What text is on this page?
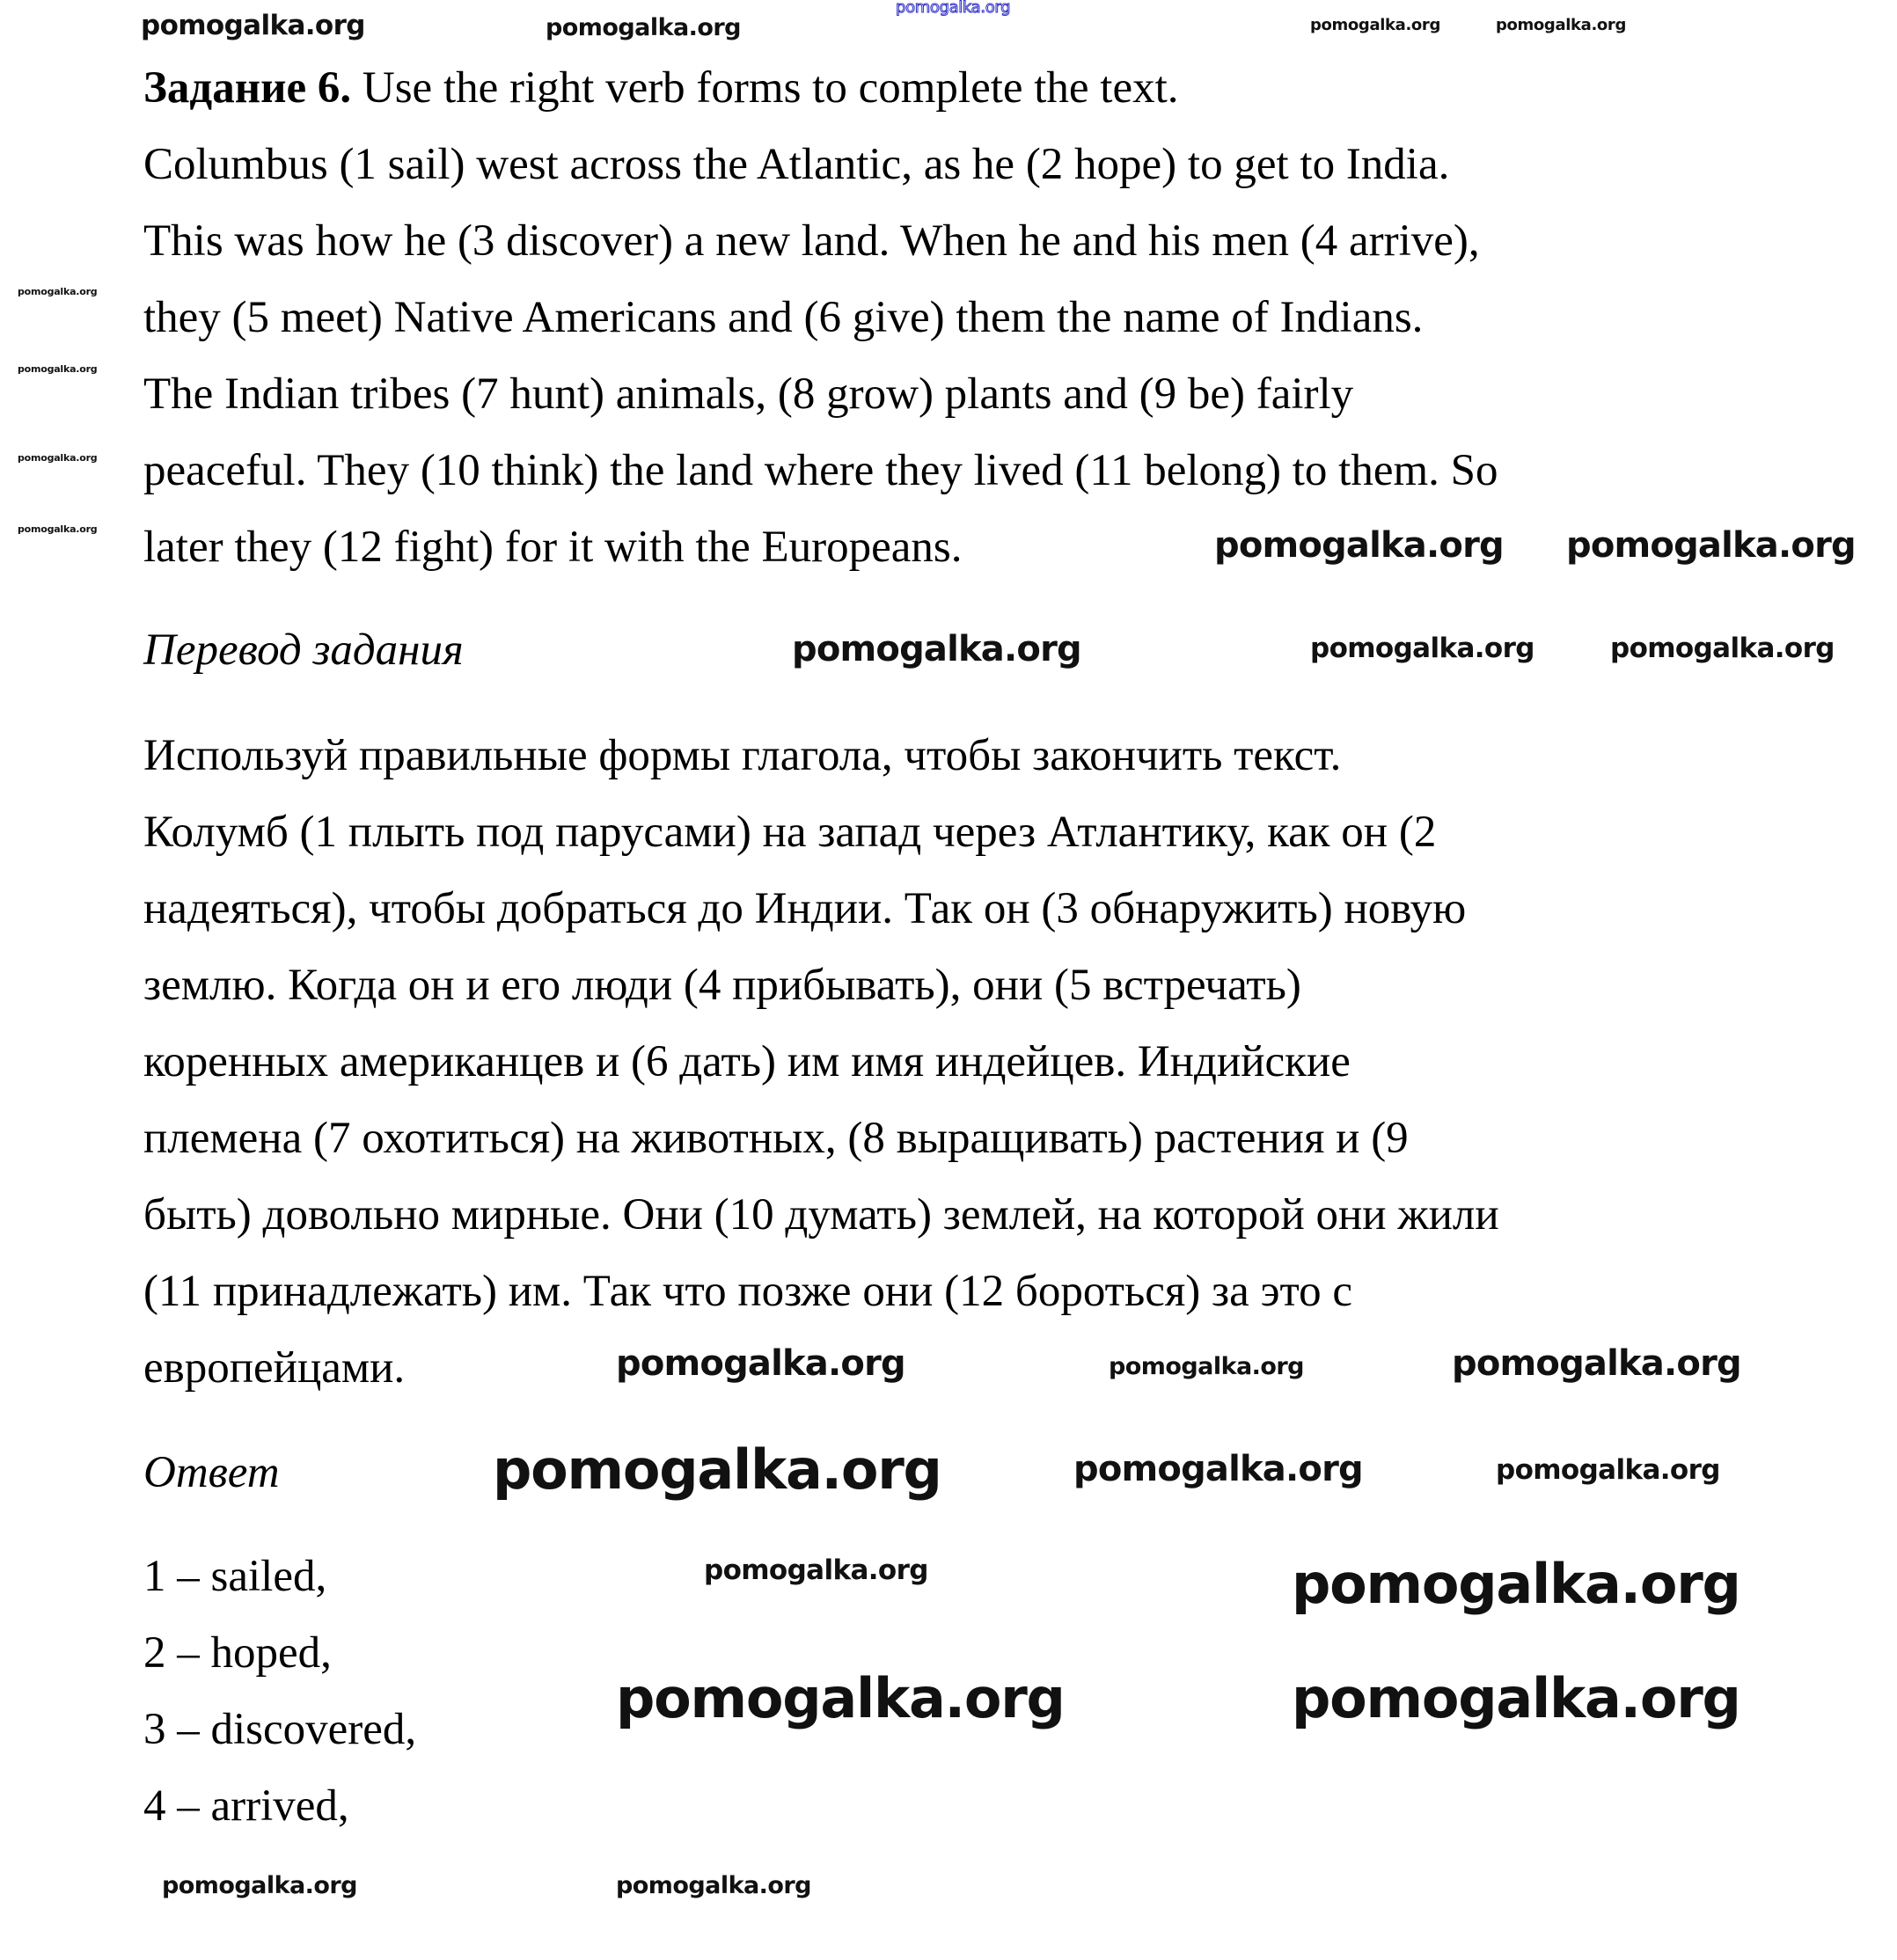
pomogalka.org
Задание 6. Use the right verb forms to complete the text.
Columbus (1 sail) west across the Atlantic, as he (2 hope) to get to India.
This was how he (3 discover) a new land. When he and his men (4 arrive),
they (5 meet) Native Americans and (6 give) them the name of Indians.
The Indian tribes (7 hunt) animals, (8 grow) plants and (9 be) fairly
peaceful. They (10 think) the land where they lived (11 belong) to them. So
later they (12 fight) for it with the Europeans.
Перевод задания
Используй правильные формы глагола, чтобы закончить текст.
Колумб (1 плыть под парусами) на запад через Атлантику, как он (2
надеяться), чтобы добраться до Индии. Так он (3 обнаружить) новую
землю. Когда он и его люди (4 прибывать), они (5 встречать)
коренных американцев и (6 дать) им имя индейцев. Индийские
племена (7 охотиться) на животных, (8 выращивать) растения и (9
быть) довольно мирные. Они (10 думать) землей, на которой они жили
(11 принадлежать) им. Так что позже они (12 бороться) за это с
европейцами.
Ответ
1 – sailed,
2 – hoped,
3 – discovered,
4 – arrived,
pomogalka.org	pomogalka.org	pomogalka.org	pomogalka.org
pomogalka.org	pomogalka.org
pomogalka.org
pomogalka.org
pomogalka.org
pomogalka.org
pomogalka.org
pomogalka.org
pomogalka.org
pomogalka.org	pomogalka.org	pomogalka.org
pomogalka.org	pomogalka.org	pomogalka.org
pomogalka.org	pomogalka.org
pomogalka.org
pomogalka.org	pomogalka.org
pomogalka.org
